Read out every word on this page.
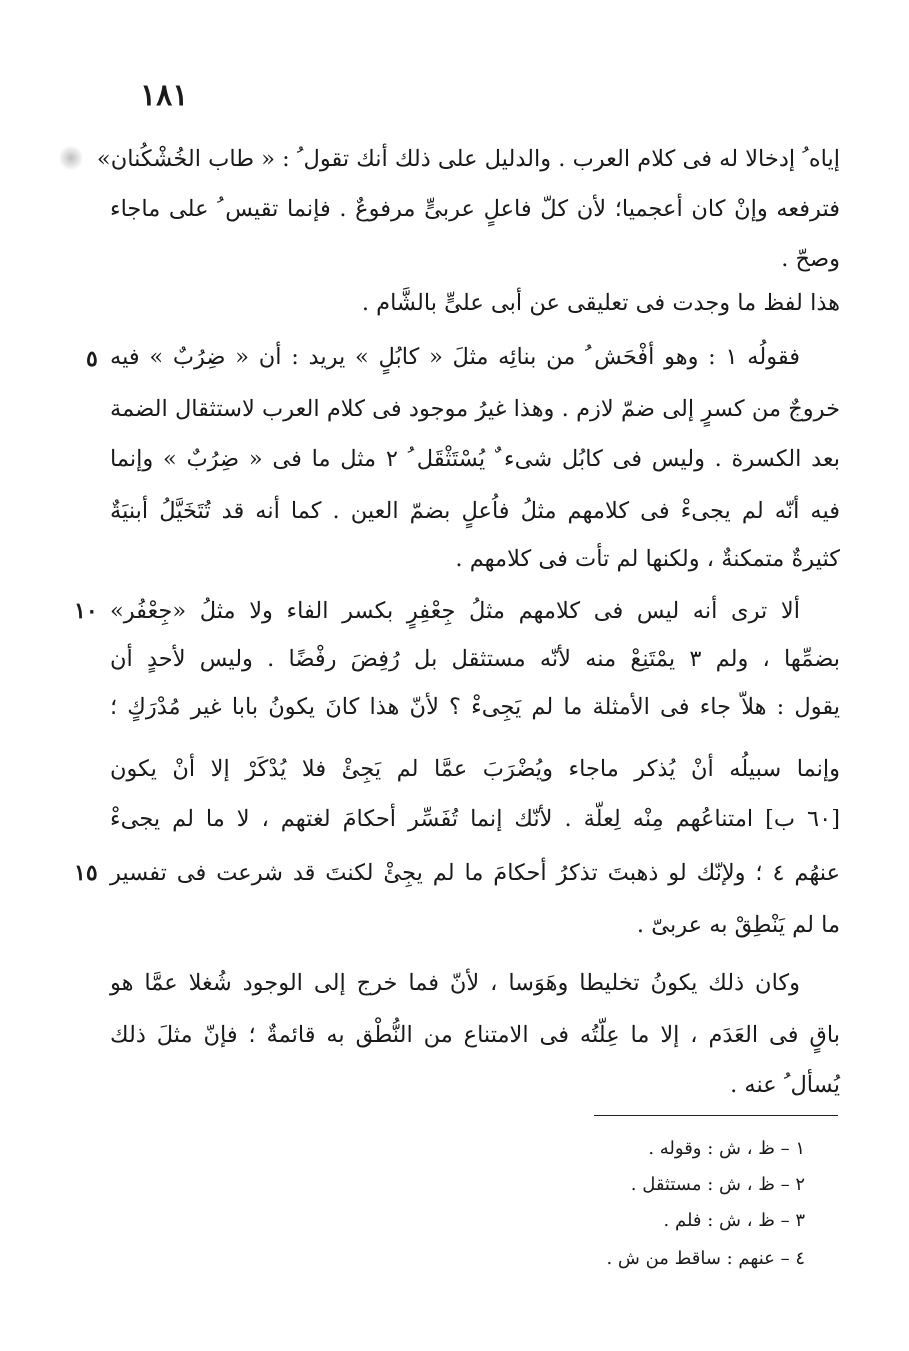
١٨١
إياه ُ إدخالا له فى كلام العرب . والدليل على ذلك أنك تقول ُ : « طاب الخُشْكُنان»
فترفعه وإنْ كان أعجميا؛ لأن كلّ فاعلٍ عربىٍّ مرفوعٌ . فإنما تقيس ُ على ماجاء
وصحّ .
هذا لفظ ما وجدت فى تعليقى عن أبى علىٍّ بالشَّام .
فقولُه ١ : وهو أفْحَش ُ من بنائِه مثلَ « كابُلٍ » يريد : أن « ضِرُبٌ » فيه
خروجٌ من كسرٍ إلى ضمّ لازم . وهذا غيرُ موجود فى كلام العرب لاستثقال الضمة
بعد الكسرة . وليس فى كابُل شىء ٌ يُسْتَثْقَل ُ ٢ مثل ما فى « ضِرُبٌ » وإنما
فيه أنّه لم يجىءْ فى كلامهم مثلُ فاُعلٍ بضمّ العين . كما أنه قد تُتَخَيَّلُ أبنيَةٌ
كثيرةٌ متمكنةٌ ، ولكنها لم تأت فى كلامهم .
ألا ترى أنه ليس فى كلامهم مثلُ جِعْفِرٍ بكسر الفاء ولا مثلُ «جِعْفُر»
بضمِّها ، ولم ٣ يمْتَنِعْ منه لأنّه مستثقل بل رُفِضَ رفْضًا . وليس لأحدٍ أن
يقول : هلاّ جاء فى الأمثلة ما لم يَجِىءْ ؟ لأنّ هذا كانَ يكونُ بابا غير مُدْرَكٍ ؛
وإنما سبيلُه أنْ يُذكر ماجاء ويُضْرَبَ عمَّا لم يَجِئْ فلا يُدْكَرْ إلا أنْ يكون
[٦٠ ب] امتناعُهم مِنْه لِعلّة . لأنّك إنما تُفَسِّر أحكامَ لغتهم ، لا ما لم يجىءْ
عنهُم ٤ ؛ ولإنّك لو ذهبتَ تذكرُ أحكامَ ما لم يجِئْ لكنتَ قد شرعت فى تفسير
ما لم يَنْطِقْ به عربىّ .
وكان ذلك يكونُ تخليطا وهَوَسا ، لأنّ فما خرج إلى الوجود شُغلا عمَّا هو
باقٍ فى العَدَم ، إلا ما عِلّتُه فى الامتناع من النُّطْق به قائمةٌ ؛ فإنّ مثلَ ذلك
يُسأل ُ عنه .
٥
١٠
١٥
١ – ظ ، ش : وقوله .
٢ – ظ ، ش : مستثقل .
٣ – ظ ، ش : فلم .
٤ – عنهم : ساقط من ش .
